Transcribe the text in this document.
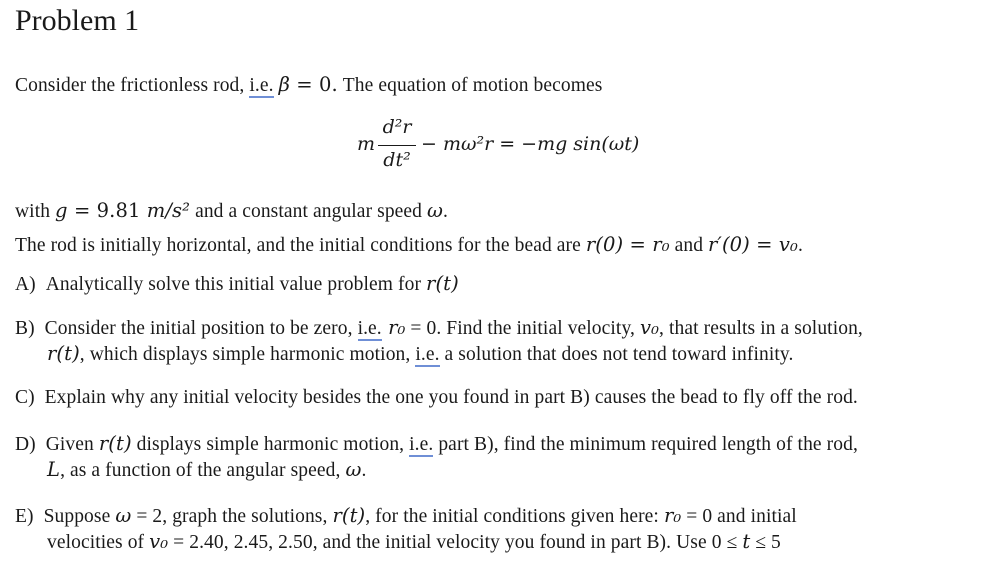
Problem 1
Consider the frictionless rod, i.e. β = 0. The equation of motion becomes
m
d²r
dt²
− mω²r = −mg sin(ωt)
with g = 9.81 m/s² and a constant angular speed ω.
The rod is initially horizontal, and the initial conditions for the bead are r(0) = r₀ and r′(0) = v₀.
A) Analytically solve this initial value problem for r(t)
B) Consider the initial position to be zero, i.e. r₀ = 0. Find the initial velocity, v₀, that results in a solution,
r(t), which displays simple harmonic motion, i.e. a solution that does not tend toward infinity.
C) Explain why any initial velocity besides the one you found in part B) causes the bead to fly off the rod.
D) Given r(t) displays simple harmonic motion, i.e. part B), find the minimum required length of the rod,
L, as a function of the angular speed, ω.
E) Suppose ω = 2, graph the solutions, r(t), for the initial conditions given here: r₀ = 0 and initial
velocities of v₀ = 2.40, 2.45, 2.50, and the initial velocity you found in part B). Use 0 ≤ t ≤ 5
